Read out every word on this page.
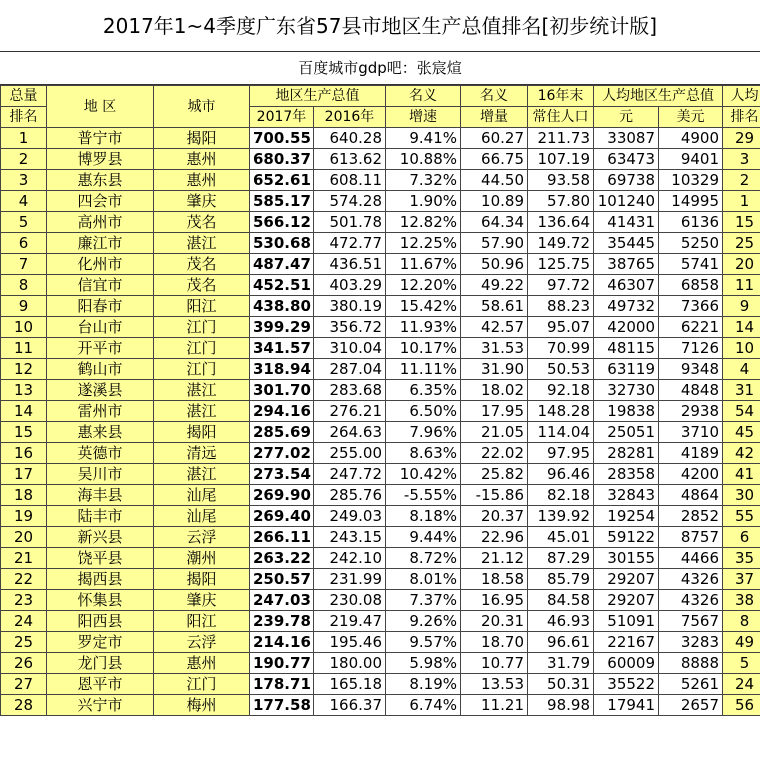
2017年1~4季度广东省57县市地区生产总值排名[初步统计版]
百度城市gdp吧：张宸煊
总量	地 区	城市	地区生产总值		名义	名义	16年末	人均地区生产总值		人均
排名			2017年	2016年	增速	增量	常住人口	元	美元	排名
1	普宁市	揭阳	700.55	640.28	9.41%	60.27	211.73	33087	4900	29
2	博罗县	惠州	680.37	613.62	10.88%	66.75	107.19	63473	9401	3
3	惠东县	惠州	652.61	608.11	7.32%	44.50	93.58	69738	10329	2
4	四会市	肇庆	585.17	574.28	1.90%	10.89	57.80	101240	14995	1
5	高州市	茂名	566.12	501.78	12.82%	64.34	136.64	41431	6136	15
6	廉江市	湛江	530.68	472.77	12.25%	57.90	149.72	35445	5250	25
7	化州市	茂名	487.47	436.51	11.67%	50.96	125.75	38765	5741	20
8	信宜市	茂名	452.51	403.29	12.20%	49.22	97.72	46307	6858	11
9	阳春市	阳江	438.80	380.19	15.42%	58.61	88.23	49732	7366	9
10	台山市	江门	399.29	356.72	11.93%	42.57	95.07	42000	6221	14
11	开平市	江门	341.57	310.04	10.17%	31.53	70.99	48115	7126	10
12	鹤山市	江门	318.94	287.04	11.11%	31.90	50.53	63119	9348	4
13	遂溪县	湛江	301.70	283.68	6.35%	18.02	92.18	32730	4848	31
14	雷州市	湛江	294.16	276.21	6.50%	17.95	148.28	19838	2938	54
15	惠来县	揭阳	285.69	264.63	7.96%	21.05	114.04	25051	3710	45
16	英德市	清远	277.02	255.00	8.63%	22.02	97.95	28281	4189	42
17	吴川市	湛江	273.54	247.72	10.42%	25.82	96.46	28358	4200	41
18	海丰县	汕尾	269.90	285.76	-5.55%	-15.86	82.18	32843	4864	30
19	陆丰市	汕尾	269.40	249.03	8.18%	20.37	139.92	19254	2852	55
20	新兴县	云浮	266.11	243.15	9.44%	22.96	45.01	59122	8757	6
21	饶平县	潮州	263.22	242.10	8.72%	21.12	87.29	30155	4466	35
22	揭西县	揭阳	250.57	231.99	8.01%	18.58	85.79	29207	4326	37
23	怀集县	肇庆	247.03	230.08	7.37%	16.95	84.58	29207	4326	38
24	阳西县	阳江	239.78	219.47	9.26%	20.31	46.93	51091	7567	8
25	罗定市	云浮	214.16	195.46	9.57%	18.70	96.61	22167	3283	49
26	龙门县	惠州	190.77	180.00	5.98%	10.77	31.79	60009	8888	5
27	恩平市	江门	178.71	165.18	8.19%	13.53	50.31	35522	5261	24
28	兴宁市	梅州	177.58	166.37	6.74%	11.21	98.98	17941	2657	56
